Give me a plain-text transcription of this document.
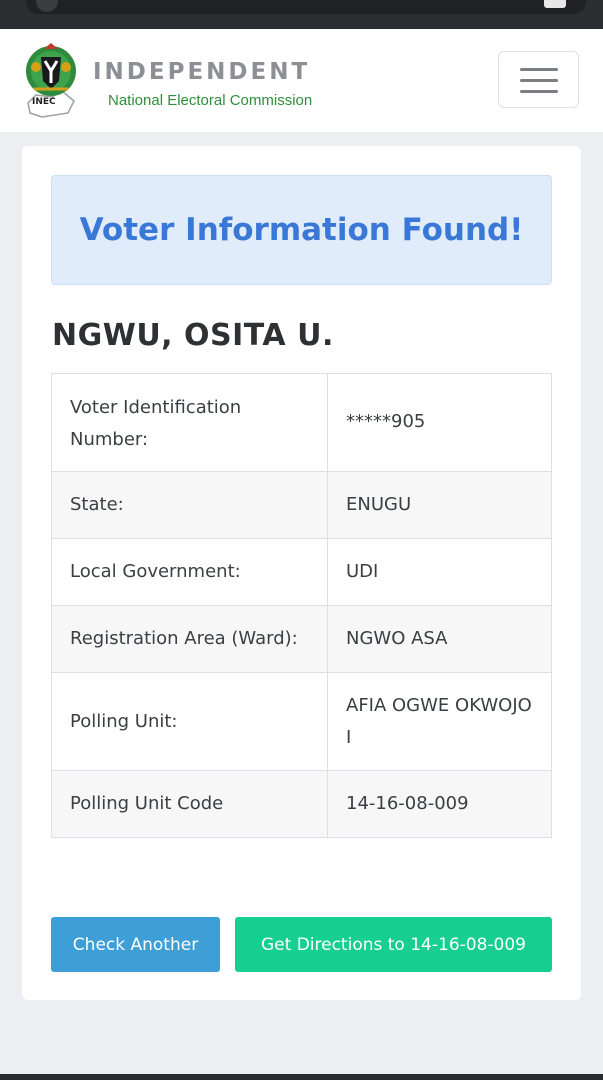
INEC
INDEPENDENT
National Electoral Commission
Voter Information Found!
NGWU, OSITA U.
Voter Identification Number:	*****905
State:	ENUGU
Local Government:	UDI
Registration Area (Ward):	NGWO ASA
Polling Unit:	AFIA OGWE OKWOJO I
Polling Unit Code	14-16-08-009
Check Another	Get Directions to 14-16-08-009
